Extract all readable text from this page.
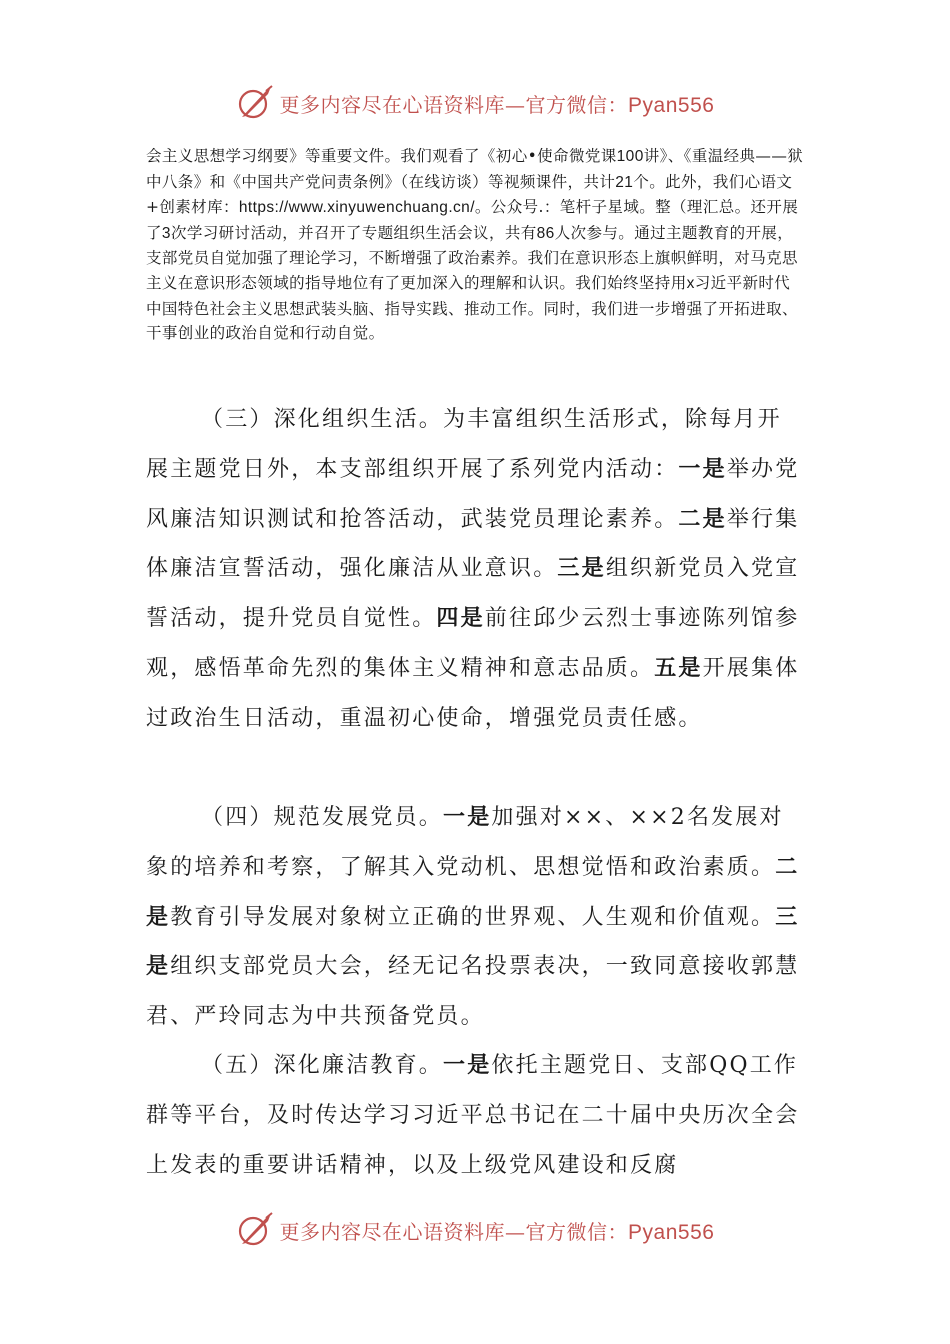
更多内容尽在心语资料库—官方微信：Pyan556

会主义思想学习纲要》等重要文件。我们观看了《初心•使命微党课100讲》、《重温经典——狱中八条》和《中国共产党问责条例》（在线访谈）等视频课件，共计21个。此外，我们心语文+创素材库：https://www.xinyuwenchuang.cn/。公众号.：笔杆子星域。整（理汇总。还开展了3次学习研讨活动，并召开了专题组织生活会议，共有86人次参与。通过主题教育的开展，支部党员自觉加强了理论学习，不断增强了政治素养。我们在意识形态上旗帜鲜明，对马克思主义在意识形态领域的指导地位有了更加深入的理解和认识。我们始终坚持用x习近平新时代中国特色社会主义思想武装头脑、指导实践、推动工作。同时，我们进一步增强了开拓进取、干事创业的政治自觉和行动自觉。

（三）深化组织生活。为丰富组织生活形式，除每月开展主题党日外，本支部组织开展了系列党内活动：一是举办党风廉洁知识测试和抢答活动，武装党员理论素养。二是举行集体廉洁宣誓活动，强化廉洁从业意识。三是组织新党员入党宣誓活动，提升党员自觉性。四是前往邱少云烈士事迹陈列馆参观，感悟革命先烈的集体主义精神和意志品质。五是开展集体过政治生日活动，重温初心使命，增强党员责任感。

（四）规范发展党员。一是加强对××、××2名发展对象的培养和考察，了解其入党动机、思想觉悟和政治素质。二是教育引导发展对象树立正确的世界观、人生观和价值观。三是组织支部党员大会，经无记名投票表决，一致同意接收郭慧君、严玲同志为中共预备党员。

（五）深化廉洁教育。一是依托主题党日、支部QQ工作群等平台，及时传达学习习近平总书记在二十届中央历次全会上发表的重要讲话精神，以及上级党风建设和反腐

更多内容尽在心语资料库—官方微信：Pyan556
